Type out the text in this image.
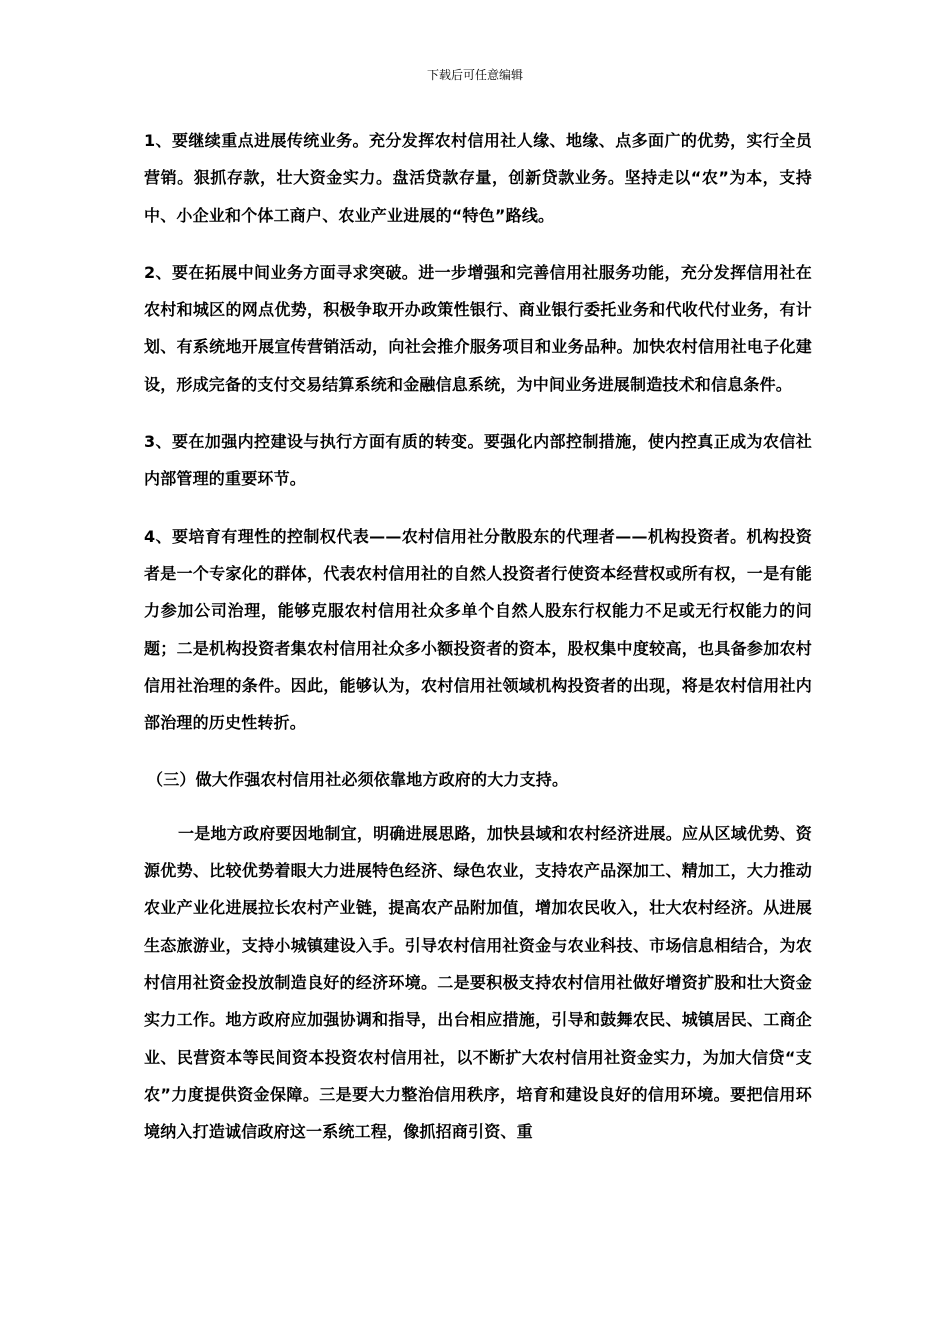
下载后可任意编辑

1、要继续重点进展传统业务。充分发挥农村信用社人缘、地缘、点多面广的优势，实行全员营销。狠抓存款，壮大资金实力。盘活贷款存量，创新贷款业务。坚持走以“农”为本，支持中、小企业和个体工商户、农业产业进展的“特色”路线。

2、要在拓展中间业务方面寻求突破。进一步增强和完善信用社服务功能，充分发挥信用社在农村和城区的网点优势，积极争取开办政策性银行、商业银行委托业务和代收代付业务，有计划、有系统地开展宣传营销活动，向社会推介服务项目和业务品种。加快农村信用社电子化建设，形成完备的支付交易结算系统和金融信息系统，为中间业务进展制造技术和信息条件。

3、要在加强内控建设与执行方面有质的转变。要强化内部控制措施，使内控真正成为农信社内部管理的重要环节。

4、要培育有理性的控制权代表——农村信用社分散股东的代理者——机构投资者。机构投资者是一个专家化的群体，代表农村信用社的自然人投资者行使资本经营权或所有权，一是有能力参加公司治理，能够克服农村信用社众多单个自然人股东行权能力不足或无行权能力的问题；二是机构投资者集农村信用社众多小额投资者的资本，股权集中度较高，也具备参加农村信用社治理的条件。因此，能够认为，农村信用社领域机构投资者的出现，将是农村信用社内部治理的历史性转折。

（三）做大作强农村信用社必须依靠地方政府的大力支持。

一是地方政府要因地制宜，明确进展思路，加快县域和农村经济进展。应从区域优势、资源优势、比较优势着眼大力进展特色经济、绿色农业，支持农产品深加工、精加工，大力推动农业产业化进展拉长农村产业链，提高农产品附加值，增加农民收入，壮大农村经济。从进展生态旅游业，支持小城镇建设入手。引导农村信用社资金与农业科技、市场信息相结合，为农村信用社资金投放制造良好的经济环境。二是要积极支持农村信用社做好增资扩股和壮大资金实力工作。地方政府应加强协调和指导，出台相应措施，引导和鼓舞农民、城镇居民、工商企业、民营资本等民间资本投资农村信用社，以不断扩大农村信用社资金实力，为加大信贷“支农”力度提供资金保障。三是要大力整治信用秩序，培育和建设良好的信用环境。要把信用环境纳入打造诚信政府这一系统工程，像抓招商引资、重
